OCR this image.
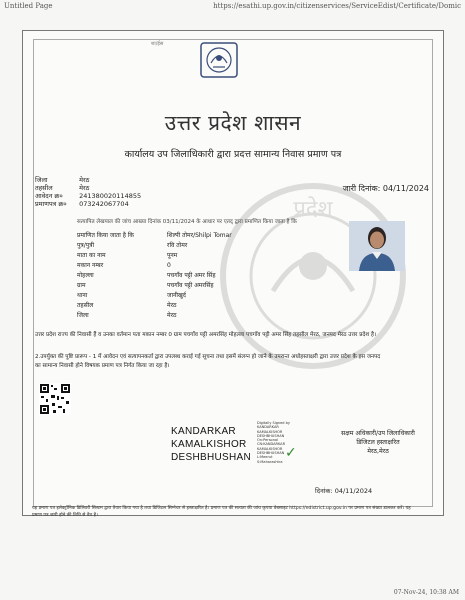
Untitled Page	https://esathi.up.gov.in/citizenservices/ServiceEdist/Certificate/Domic
07-Nov-24, 10:38 AM
शा/ईस
उत्तर प्रदेश शासन
कार्यालय उप जिलाधिकारी द्वारा प्रदत्त सामान्य निवास प्रमाण पत्र
प्रदेश
जिला	मेरठ
तहसील	मेरठ
आवेदन क्र०	241380020114855
प्रमाणपत्र क्र० 073242067704
जारी दिनांक: 04/11/2024
सत्यापित लेखपाल की जांच आख्या दिनांक 03/11/2024 के आधार पर एतद् द्वारा प्रमाणित किया जाता है कि
प्रमाणित किया जाता है कि	शिल्पी तोमर/Shilpi Tomar
पुत्र/पुत्री	रवि तोमर
माता का नाम	पूनम
मकान नम्बर	0
मोहल्ला	पचगाँव पट्टी अमर सिंह
ग्राम	पचगाँव पट्टी अमरसिंह
थाना	जानीखुर्द
तहसील	मेरठ
जिला	मेरठ
उत्तर प्रदेश राज्य की निवासी हैं व उनका वर्तमान पता मकान नम्बर 0 ग्राम पचगाँव पट्टी अमरसिंह मोहल्ला पचगाँव पट्टी अमर सिंह तहसील मेरठ, जनपद मेरठ उत्तर प्रदेश है।
2.उपर्युक्त की पुष्टि प्रारूप - 1 में आवेदन एवं सत्यापनकर्ता द्वारा उपलब्ध कराई गई सूचना तथा इसमें संलग्न हो जाने के उपरान्त अधोहस्ताक्षरी द्वारा उत्तर प्रदेश के इस जनपद का सामान्य निवासी होने विषयक प्रमाण पत्र निर्गत किया जा रहा है।
KANDARKAR
KAMALKISHOR
DESHBHUSHAN
Digitally Signed by
KANDARKAR
KAMALKISHOR
DESHBHUSHAN
On:Personal
CN:KANDARKAR
KAMALKISHOR
DESHBHUSHAN
L:Meerut
S:Maharashtra
✓
सक्षम अधिकारी/उप जिलाधिकारी
डिजिटल हस्ताक्षरित
मेरठ,मेरठ
दिनांक: 04/11/2024
यह प्रमाण पत्र इलेक्ट्रॉनिक डिलिवरी सिस्टम द्वारा तैयार किया गया है तथा डिजिटल सिग्नेचर से हस्ताक्षरित है। प्रमाण पत्र की सत्यता की जांच कृपया वेबसाइट https://edistrict.up.gov.in पर प्रमाण पत्र संख्या डालकर करें। यह प्रमाण पत्र जारी होने की तिथि से वैध है।
